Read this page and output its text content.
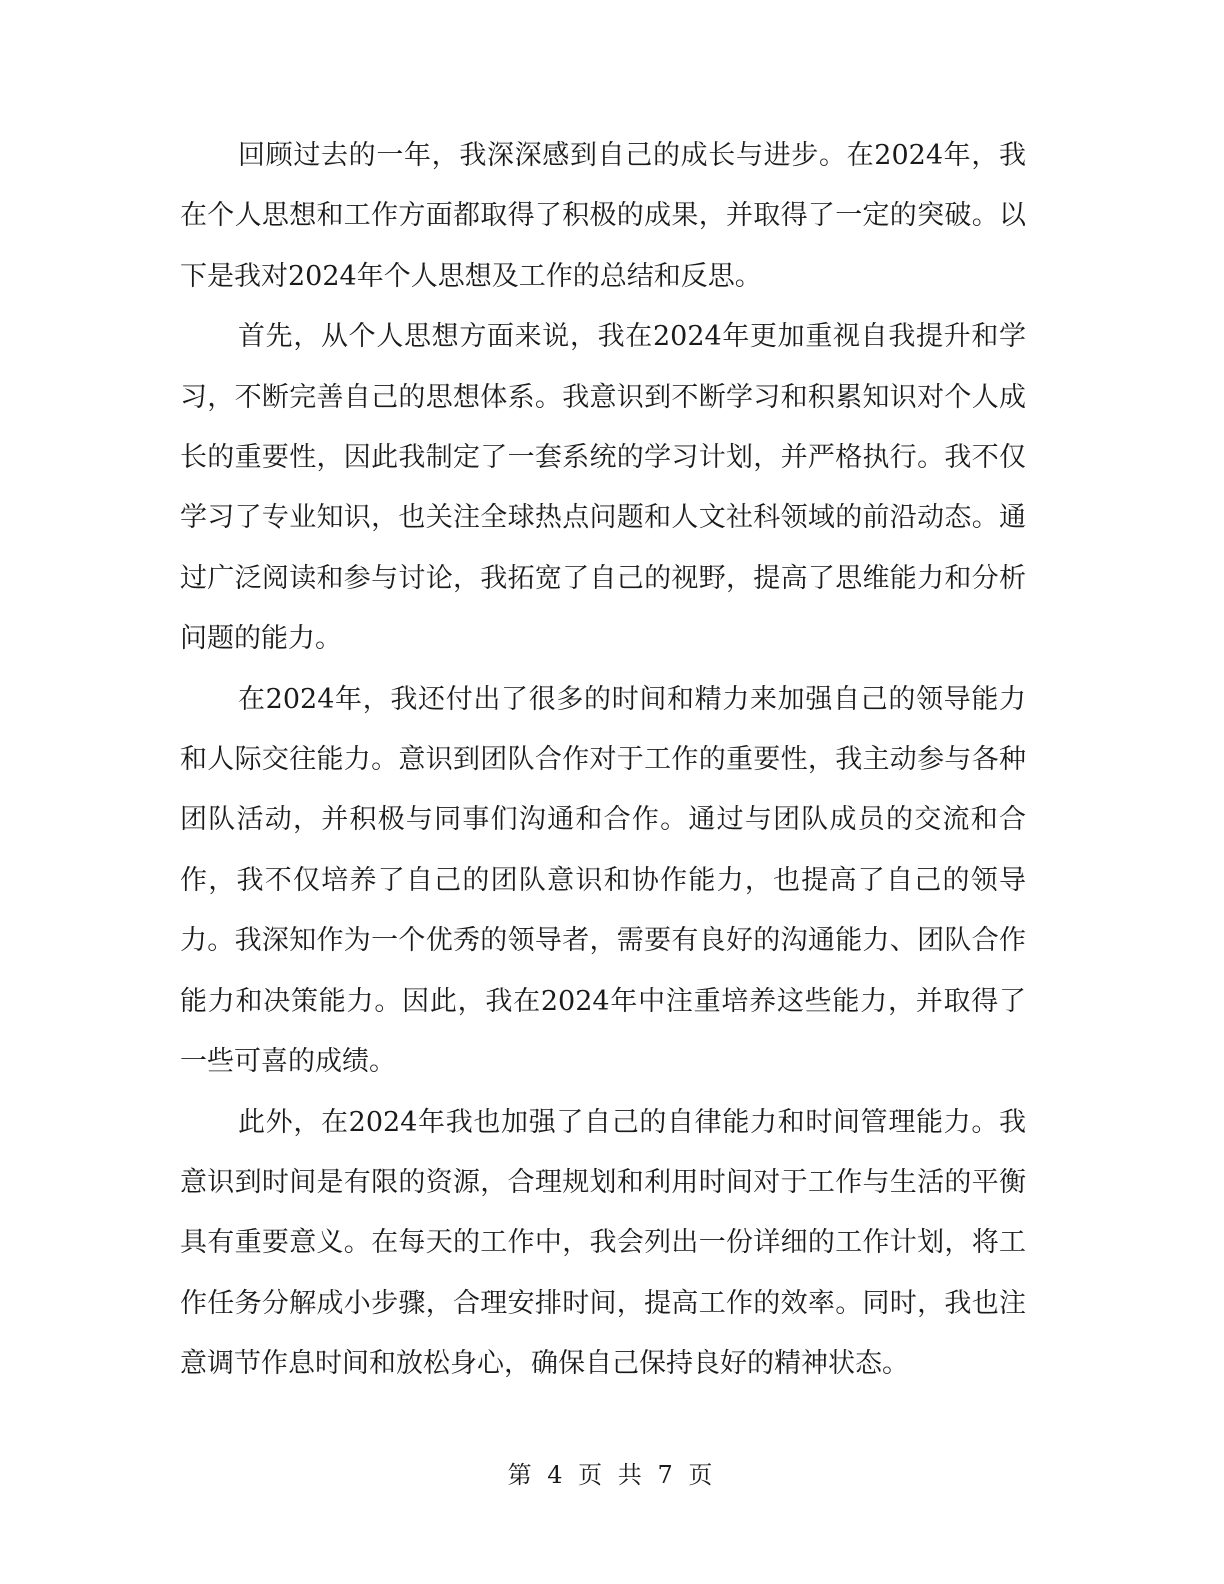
回顾过去的一年，我深深感到自己的成长与进步。在2024年，我在个人思想和工作方面都取得了积极的成果，并取得了一定的突破。以下是我对2024年个人思想及工作的总结和反思。

首先，从个人思想方面来说，我在2024年更加重视自我提升和学习，不断完善自己的思想体系。我意识到不断学习和积累知识对个人成长的重要性，因此我制定了一套系统的学习计划，并严格执行。我不仅学习了专业知识，也关注全球热点问题和人文社科领域的前沿动态。通过广泛阅读和参与讨论，我拓宽了自己的视野，提高了思维能力和分析问题的能力。

在2024年，我还付出了很多的时间和精力来加强自己的领导能力和人际交往能力。意识到团队合作对于工作的重要性，我主动参与各种团队活动，并积极与同事们沟通和合作。通过与团队成员的交流和合作，我不仅培养了自己的团队意识和协作能力，也提高了自己的领导力。我深知作为一个优秀的领导者，需要有良好的沟通能力、团队合作能力和决策能力。因此，我在2024年中注重培养这些能力，并取得了一些可喜的成绩。

此外，在2024年我也加强了自己的自律能力和时间管理能力。我意识到时间是有限的资源，合理规划和利用时间对于工作与生活的平衡具有重要意义。在每天的工作中，我会列出一份详细的工作计划，将工作任务分解成小步骤，合理安排时间，提高工作的效率。同时，我也注意调节作息时间和放松身心，确保自己保持良好的精神状态。

第 4 页 共 7 页
